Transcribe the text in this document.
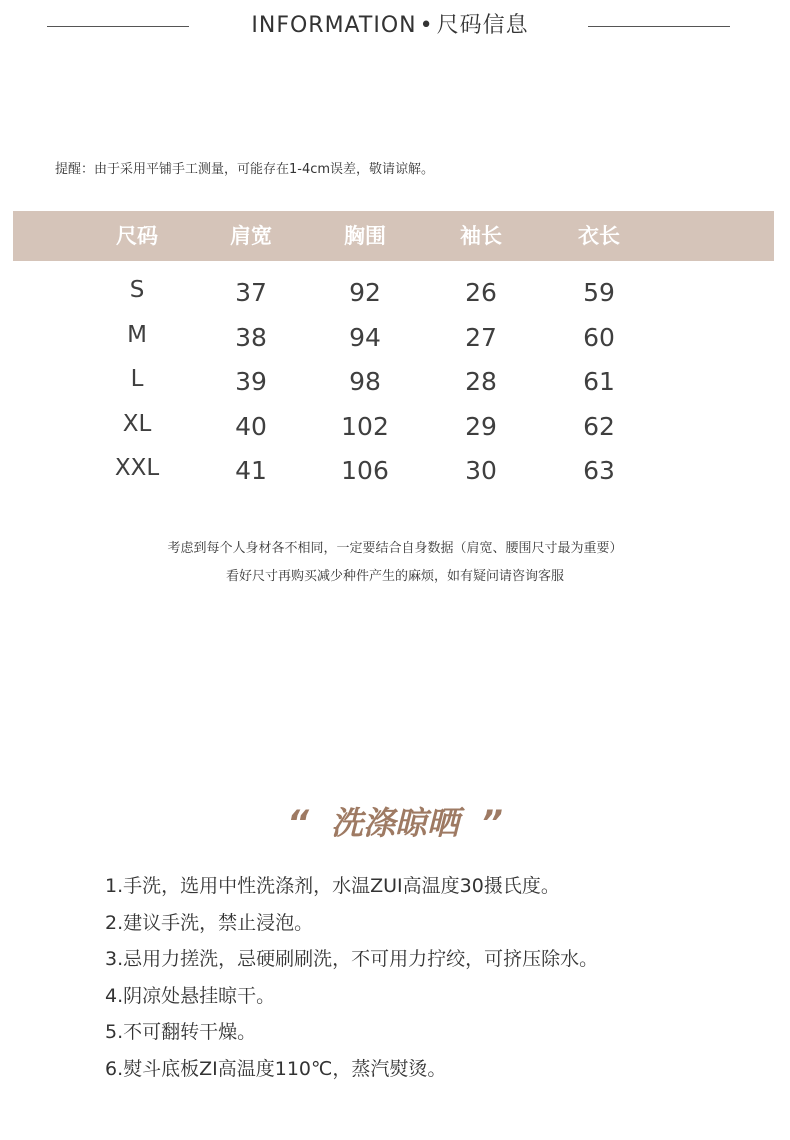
INFORMATION • 尺码信息
提醒：由于采用平铺手工测量，可能存在1-4cm误差，敬请谅解。
尺码	肩宽	胸围	袖长	衣长
S	37	92	26	59
M	38	94	27	60
L	39	98	28	61
XL	40	102	29	62
XXL	41	106	30	63
考虑到每个人身材各不相同，一定要结合自身数据（肩宽、腰围尺寸最为重要）
看好尺寸再购买减少种件产生的麻烦，如有疑问请咨询客服
“ 洗涤晾晒 ”
1.手洗，选用中性洗涤剂，水温ZUI高温度30摄氏度。
2.建议手洗，禁止浸泡。
3.忌用力搓洗，忌硬刷刷洗，不可用力拧绞，可挤压除水。
4.阴凉处悬挂晾干。
5.不可翻转干燥。
6.熨斗底板ZI高温度110℃，蒸汽熨烫。
